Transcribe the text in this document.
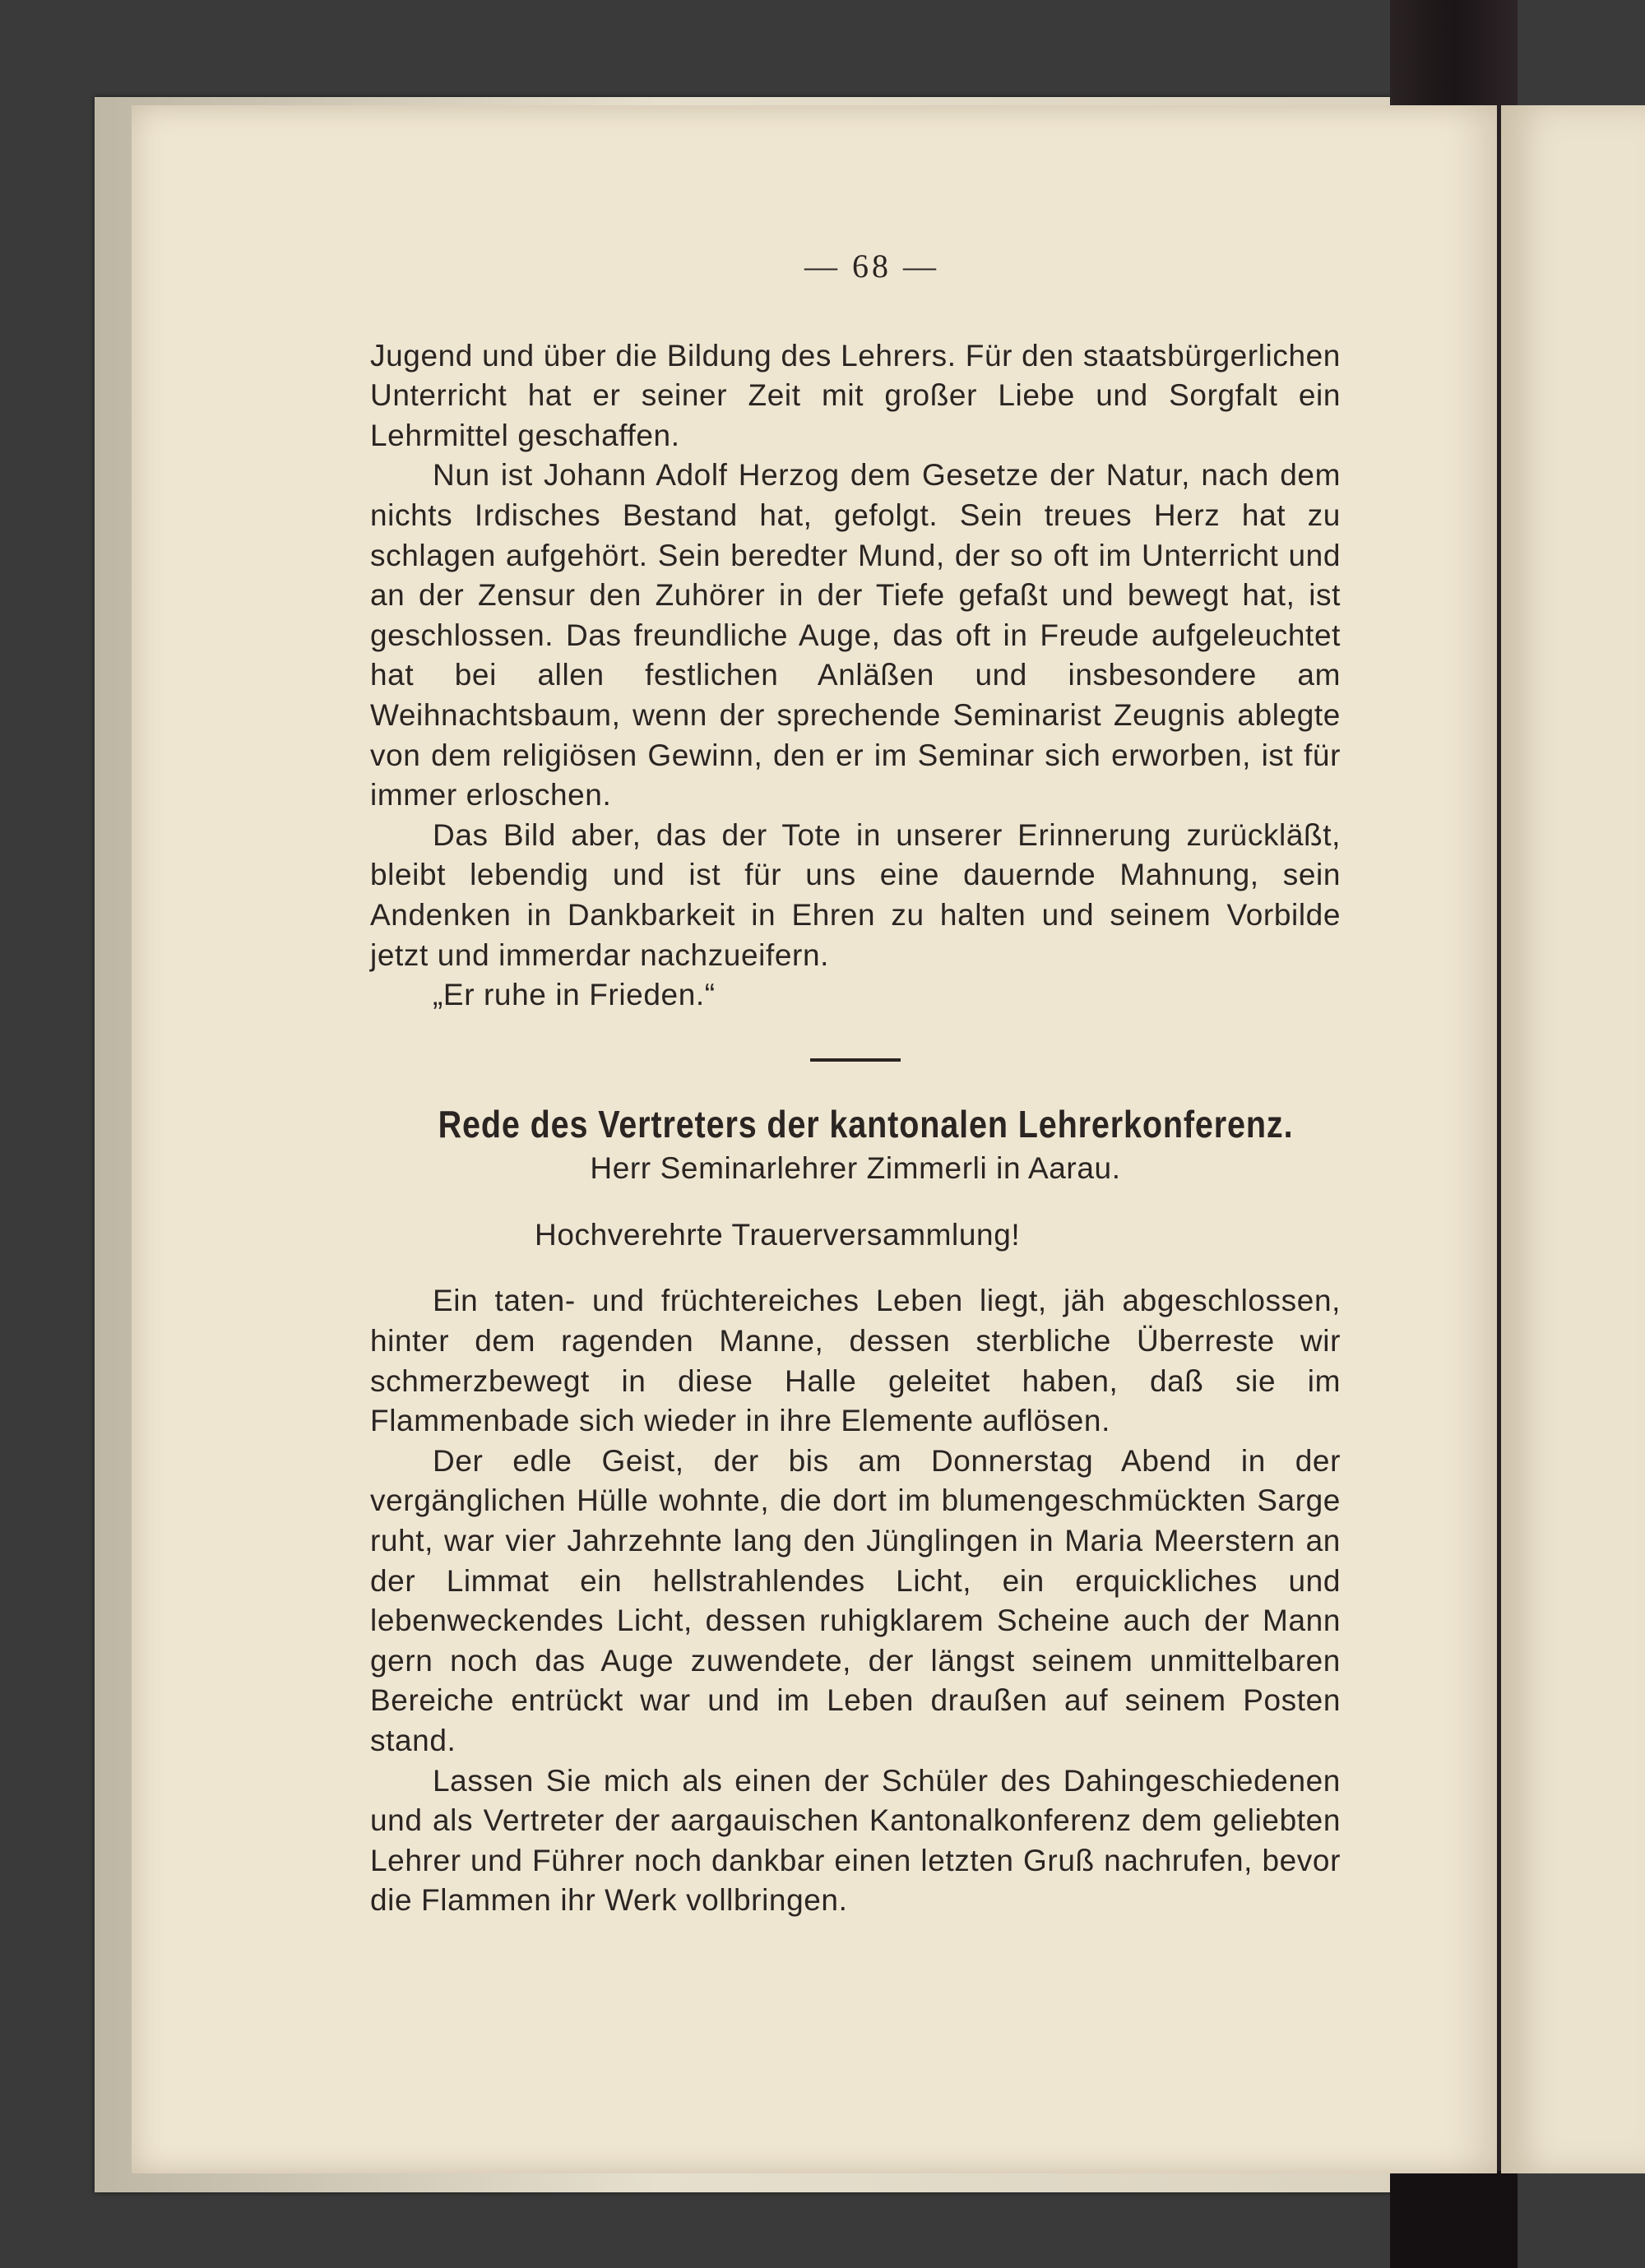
— 68 —

Jugend und über die Bildung des Lehrers. Für den staatsbürgerlichen Unterricht hat er seiner Zeit mit großer Liebe und Sorgfalt ein Lehrmittel geschaffen.

Nun ist Johann Adolf Herzog dem Gesetze der Natur, nach dem nichts Irdisches Bestand hat, gefolgt. Sein treues Herz hat zu schlagen aufgehört. Sein beredter Mund, der so oft im Unterricht und an der Zensur den Zuhörer in der Tiefe gefaßt und bewegt hat, ist geschlossen. Das freundliche Auge, das oft in Freude aufgeleuchtet hat bei allen festlichen Anläßen und insbesondere am Weihnachtsbaum, wenn der sprechende Seminarist Zeugnis ablegte von dem religiösen Gewinn, den er im Seminar sich erworben, ist für immer erloschen.

Das Bild aber, das der Tote in unserer Erinnerung zurückläßt, bleibt lebendig und ist für uns eine dauernde Mahnung, sein Andenken in Dankbarkeit in Ehren zu halten und seinem Vorbilde jetzt und immerdar nachzueifern.

„Er ruhe in Frieden.“

Rede des Vertreters der kantonalen Lehrerkonferenz.
Herr Seminarlehrer Zimmerli in Aarau.
Hochverehrte Trauerversammlung!

Ein taten- und früchtereiches Leben liegt, jäh abgeschlossen, hinter dem ragenden Manne, dessen sterbliche Überreste wir schmerzbewegt in diese Halle geleitet haben, daß sie im Flammenbade sich wieder in ihre Elemente auflösen.

Der edle Geist, der bis am Donnerstag Abend in der vergänglichen Hülle wohnte, die dort im blumengeschmückten Sarge ruht, war vier Jahrzehnte lang den Jünglingen in Maria Meerstern an der Limmat ein hellstrahlendes Licht, ein erquickliches und lebenweckendes Licht, dessen ruhigklarem Scheine auch der Mann gern noch das Auge zuwendete, der längst seinem unmittelbaren Bereiche entrückt war und im Leben draußen auf seinem Posten stand.

Lassen Sie mich als einen der Schüler des Dahingeschiedenen und als Vertreter der aargauischen Kantonalkonferenz dem geliebten Lehrer und Führer noch dankbar einen letzten Gruß nachrufen, bevor die Flammen ihr Werk vollbringen.
